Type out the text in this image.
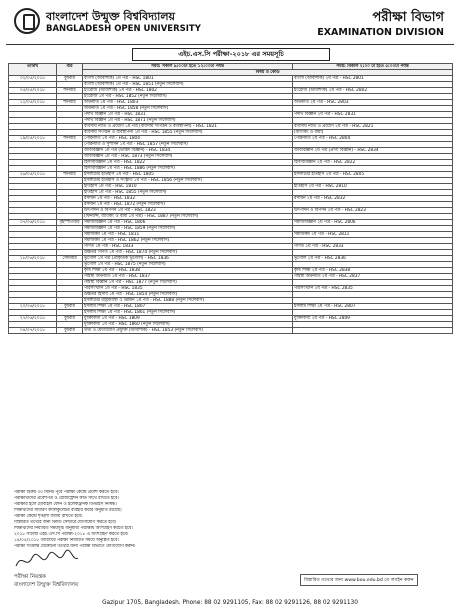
বাংলাদেশ উন্মুক্ত বিশ্ববিদ্যালয়
BANGLADESH OPEN UNIVERSITY
পরীক্ষা বিভাগ
EXAMINATION DIVISION
এইচ.এস.সি পরীক্ষা-২০১৮ এর সময়সূচি
তারিখ	বার	সময়: সকাল ৯:০০টা হতে ১২:০০টা পর্যন্ত	সময়: বিকাল ২:০০ টা হতে ৫:০০টা পর্যন্ত
		বিষয় ও কোড	
০২/০৫/২০১৮	বুধবার	বাংলা (আবশ্যিক) ১ম পত্র - HSC 1801	বাংলা (আবশ্যিক) ২য় পত্র - HSC 2801
		বাংলা (আবশ্যিক) ১ম পত্র - HSC 1851 (নতুন সিলেবাস)	
০৫/০৫/২০১৮	শনিবার	ইংরেজি (আবশ্যিক) ১ম পত্র - HSC 1802	ইংরেজি (আবশ্যিক) ২য় পত্র - HSC 2802
		ইংরেজি ১ম পত্র - HSC 1852 (নতুন সিলেবাস)	
১২/০৫/২০১৮	শনিবার	অর্থনীতি ১ম পত্র - HSC 1803	অর্থনীতি ২য় পত্র - HSC 2803
		অর্থনীতি ১ম পত্র - HSC 1858 (নতুন সিলেবাস)	
		পদার্থ বিজ্ঞান ১ম পত্র - HSC 1831	পদার্থ বিজ্ঞান ২য় পত্র - HSC 2831
		পদার্থ বিজ্ঞান ১ম পত্র - HSC 1871 (নতুন সিলেবাস)	
		ব্যবসায় নীতি ও প্রয়োগ ১ম পত্র (ব্যবসায় সংগঠন ও ব্যবস্থাপনা) - HSC 1821	ব্যবসায় নীতি ও প্রয়োগ ২য় পত্র - HSC 2821
		ব্যবসায় সংগঠন ও ব্যবস্থাপনা ১ম পত্র - HSC 1855 (নতুন সিলেবাস)	(ব্যাংকিং ও বীমা)
১৯/০৫/২০১৮	শনিবার	পৌরনীতি ১ম পত্র - HSC 1804	পৌরনীতি ২য় পত্র - HSC 2804
		পৌরনীতি ও সুশাসন ১ম পত্র - HSC 1857 (নতুন সিলেবাস)	
		জীববিজ্ঞান ১ম পত্র (উদ্ভিদ বিজ্ঞান) - HSC 1834	জীববিজ্ঞান ২য় পত্র (প্রাণী বিজ্ঞান) - HSC 2834
		জীববিজ্ঞান ১ম পত্র - HSC 1873 (নতুন সিলেবাস)	
		হিসাববিজ্ঞান ১ম পত্র - HSC 1822	হিসাববিজ্ঞান ২য় পত্র - HSC 2822
		হিসাববিজ্ঞান ১ম পত্র - HSC 1886 (নতুন সিলেবাস)	
২৬/০৫/২০১৮	শনিবার	ইসলামের ইতিহাস ১ম পত্র - HSC 1805	ইসলামের ইতিহাস ২য় পত্র - HSC 2805
		ইসলামের ইতিহাস ও সংস্কৃতি ১ম পত্র - HSC 1856 (নতুন সিলেবাস)	
		ইতিহাস ১ম পত্র - HSC 1810	ইতিহাস ২য় পত্র - HSC 2810
		ইতিহাস ১ম পত্র - HSC 1855 (নতুন সিলেবাস)	
		রসায়ন ১ম পত্র - HSC 1832	রসায়ন ২য় পত্র - HSC 2832
		রসায়ন ১ম পত্র - HSC 1872 (নতুন সিলেবাস)	
		উৎপাদন ও বিপণন ১ম পত্র - HSC 1823	উৎপাদন ও বিপণন ২য় পত্র - HSC 2823
		(ফিন্যান্স, ব্যাংকিং ও বীমা ১ম পত্র) - HSC 1887 (নতুন সিলেবাস)	
০৭/০৬/২০১৮	বৃহস্পতিবার	সমাজবিজ্ঞান ১ম পত্র - HSC 1806	সমাজবিজ্ঞান ২য় পত্র - HSC 2806
		সমাজবিজ্ঞান ১ম পত্র - HSC 1859 (নতুন সিলেবাস)	
		সমাজকর্ম ১ম পত্র - HSC 1811	সমাজকর্ম ২য় পত্র - HSC 2811
		সমাজকর্ম ১ম পত্র - HSC 1862 (নতুন সিলেবাস)	
		গণিত ১ম পত্র - HSC 1833	গণিত ২য় পত্র - HSC 2833
		উচ্চতর গণিত ১ম পত্র - HSC 1874 (নতুন সিলেবাস)	
১৮/০৬/২০১৮	সোমবার	ভূগোল ১ম পত্র (প্রাকৃতিক ভূগোল) - HSC 1836	ভূগোল ২য় পত্র - HSC 2836
		ভূগোল ১ম পত্র - HSC 1875 (নতুন সিলেবাস)	
		কৃষি শিক্ষা ১ম পত্র - HSC 1838	কৃষি শিক্ষা ২য় পত্র - HSC 2838
		গার্হস্থ্য অর্থনীতি ১ম পত্র - HSC 1837	গার্হস্থ্য অর্থনীতি ২য় পত্র - HSC 2837
		গার্হস্থ্য বিজ্ঞান ১ম পত্র - HSC 1877 (নতুন সিলেবাস)	
		পরিসংখ্যান ১ম পত্র - HSC 1835	পরিসংখ্যান ২য় পত্র - HSC 2835
		উচ্চতর হিসাব ১ম পত্র - HSC 1854 (নতুন সিলেবাস)	
		ইসলামের রাষ্ট্রব্যবস্থা ও উন্নয়ন ১ম পত্র - HSC 1888 (নতুন সিলেবাস)	
২০/০৬/২০১৮	বুধবার	ইসলাম শিক্ষা ১ম পত্র - HSC 1807	ইসলাম শিক্ষা ২য় পত্র - HSC 2807
		ইসলাম শিক্ষা ১ম পত্র - HSC 1861 (নতুন সিলেবাস)	
২৭/০৬/২০১৮	বুধবার	যুক্তিবিদ্যা ১ম পত্র - HSC 1809	যুক্তিবিদ্যা ২য় পত্র - HSC 2809
		যুক্তিবিদ্যা ১ম পত্র - HSC 1860 (নতুন সিলেবাস)	
০৪/০৭/২০১৮	বুধবার	তথ্য ও যোগাযোগ প্রযুক্তি (আবশ্যিক) - HSC 1853 (নতুন সিলেবাস)	
পরীক্ষা শুরুর ৩০ মিনিট পূর্বে পরীক্ষা কেন্দ্রে প্রবেশ করতে হবে।
পরীক্ষার্থীদের প্রবেশপত্র ও রেজিস্ট্রেশন কার্ড সাথে রাখতে হবে।
পরীক্ষার হলে মোবাইল ফোন ও ইলেকট্রনিক ডিভাইস নিষিদ্ধ।
শিক্ষার্থীদের সাধারণ ক্যালকুলেটর ব্যবহার করার অনুমতি রয়েছে।
পরীক্ষা কেন্দ্রে শৃঙ্খলা বজায় রাখতে হবে।
বিস্তারিত তথ্যের জন্য স্টাডি সেন্টারে যোগাযোগ করতে হবে।
শিক্ষার্থীদের নির্ধারিত সময়সূচি অনুযায়ী পরীক্ষায় অংশগ্রহণ করতে হবে।
২০১৮ সালের এইচ.এস.সি পরীক্ষা-২০১৮ এ অংশগ্রহণ করতে হবে।
১৪/০৫/২০১৮ তারিখের পরীক্ষা নির্ধারিত সময়ে অনুষ্ঠিত হবে।
পরীক্ষা সংক্রান্ত যেকোনো তথ্যের জন্য পরীক্ষা বিভাগে যোগাযোগ করুন।
পরীক্ষা নিয়ন্ত্রক
বাংলাদেশ উন্মুক্ত বিশ্ববিদ্যালয়
বিস্তারিত তথ্যের জন্য www.bou.edu.bd তে লগইন করুন
Gazipur 1705, Bangladesh. Phone: 88 02 9291105, Fax: 88 02 9291126, 88 02 9291130
